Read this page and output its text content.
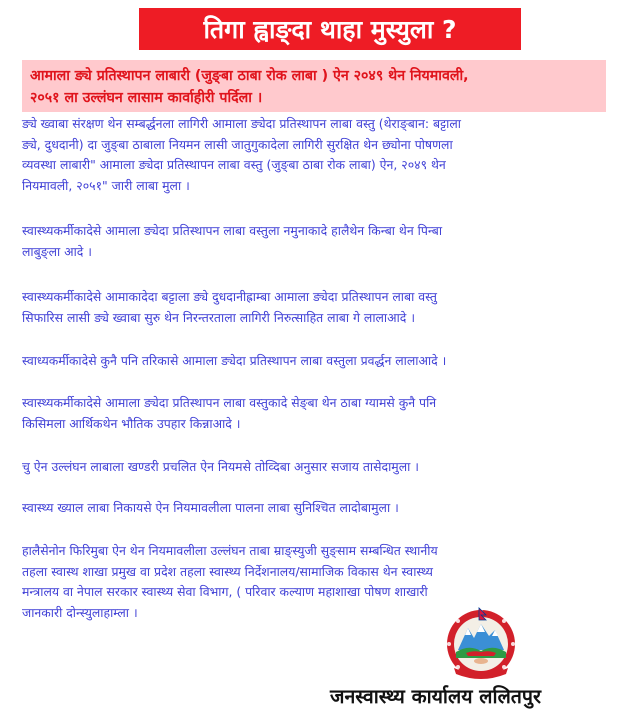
तिगा ह्वाङ्दा थाहा मुस्युला ?
आमाला ङ्ये प्रतिस्थापन लाबारी (जुङ्बा ठाबा रोक लाबा ) ऐन २०४९ थेन नियमावली,
२०५१ ला उल्लंघन लासाम कार्वाहीरी पर्दिला ।
ङ्ये ख्वाबा संरक्षण थेन सम्बर्द्धनला लागिरी आमाला ङ्येदा प्रतिस्थापन लाबा वस्तु (थेराङ्बान: बट्टाला
ङ्ये, दुधदानी) दा जुङ्बा ठाबाला नियमन लासी जातुगुकादेला लागिरी सुरक्षित थेन छ्योना पोषणला
व्यवस्था लाबारी" आमाला ङ्येदा प्रतिस्थापन लाबा वस्तु (जुङ्बा ठाबा रोक लाबा) ऐन, २०४९ थेन
नियमावली, २०५१" जारी लाबा मुला ।
स्वास्थ्यकर्मीकादेसे आमाला ङ्येदा प्रतिस्थापन लाबा वस्तुला नमुनाकादे हालैथेन किन्बा थेन पिन्बा
लाबुङ्ला आदे ।
स्वास्थ्यकर्मीकादेसे आमाकादेदा बट्टाला ङ्ये दुधदानीह्राम्बा आमाला ङ्येदा प्रतिस्थापन लाबा वस्तु
सिफारिस लासी ङ्ये ख्वाबा सुरु थेन निरन्तरताला लागिरी निरुत्साहित लाबा गे लालाआदे ।
स्वाध्यकर्मीकादेसे कुनै पनि तरिकासे आमाला ङ्येदा प्रतिस्थापन लाबा वस्तुला प्रवर्द्धन लालाआदे ।
स्वास्थ्यकर्मीकादेसे आमाला ङ्येदा प्रतिस्थापन लाबा वस्तुकादे सेङ्बा थेन ठाबा ग्यामसे कुनै पनि
किसिमला आर्थिकथेन भौतिक उपहार किन्नाआदे ।
चु ऐन उल्लंघन लाबाला खण्डरी प्रचलित ऐन नियमसे तोव्दिबा अनुसार सजाय तासेदामुला ।
स्वास्थ्य ख्याल लाबा निकायसे ऐन नियमावलीला पालना लाबा सुनिश्चित लादोबामुला ।
हालैसेनोन फिरिमुबा ऐन थेन नियमावलीला उल्लंघन ताबा म्राङ्स्युजी सुङ्साम सम्बन्धित स्थानीय
तहला स्वास्थ शाखा प्रमुख वा प्रदेश तहला स्वास्थ्य निर्देशनालय/सामाजिक विकास थेन स्वास्थ्य
मन्त्रालय वा नेपाल सरकार स्वास्थ्य सेवा विभाग, ( परिवार कल्याण महाशाखा पोषण शाखारी
जानकारी दोन्स्युलाहाम्ला ।
जनस्वास्थ्य कार्यालय ललितपुर
